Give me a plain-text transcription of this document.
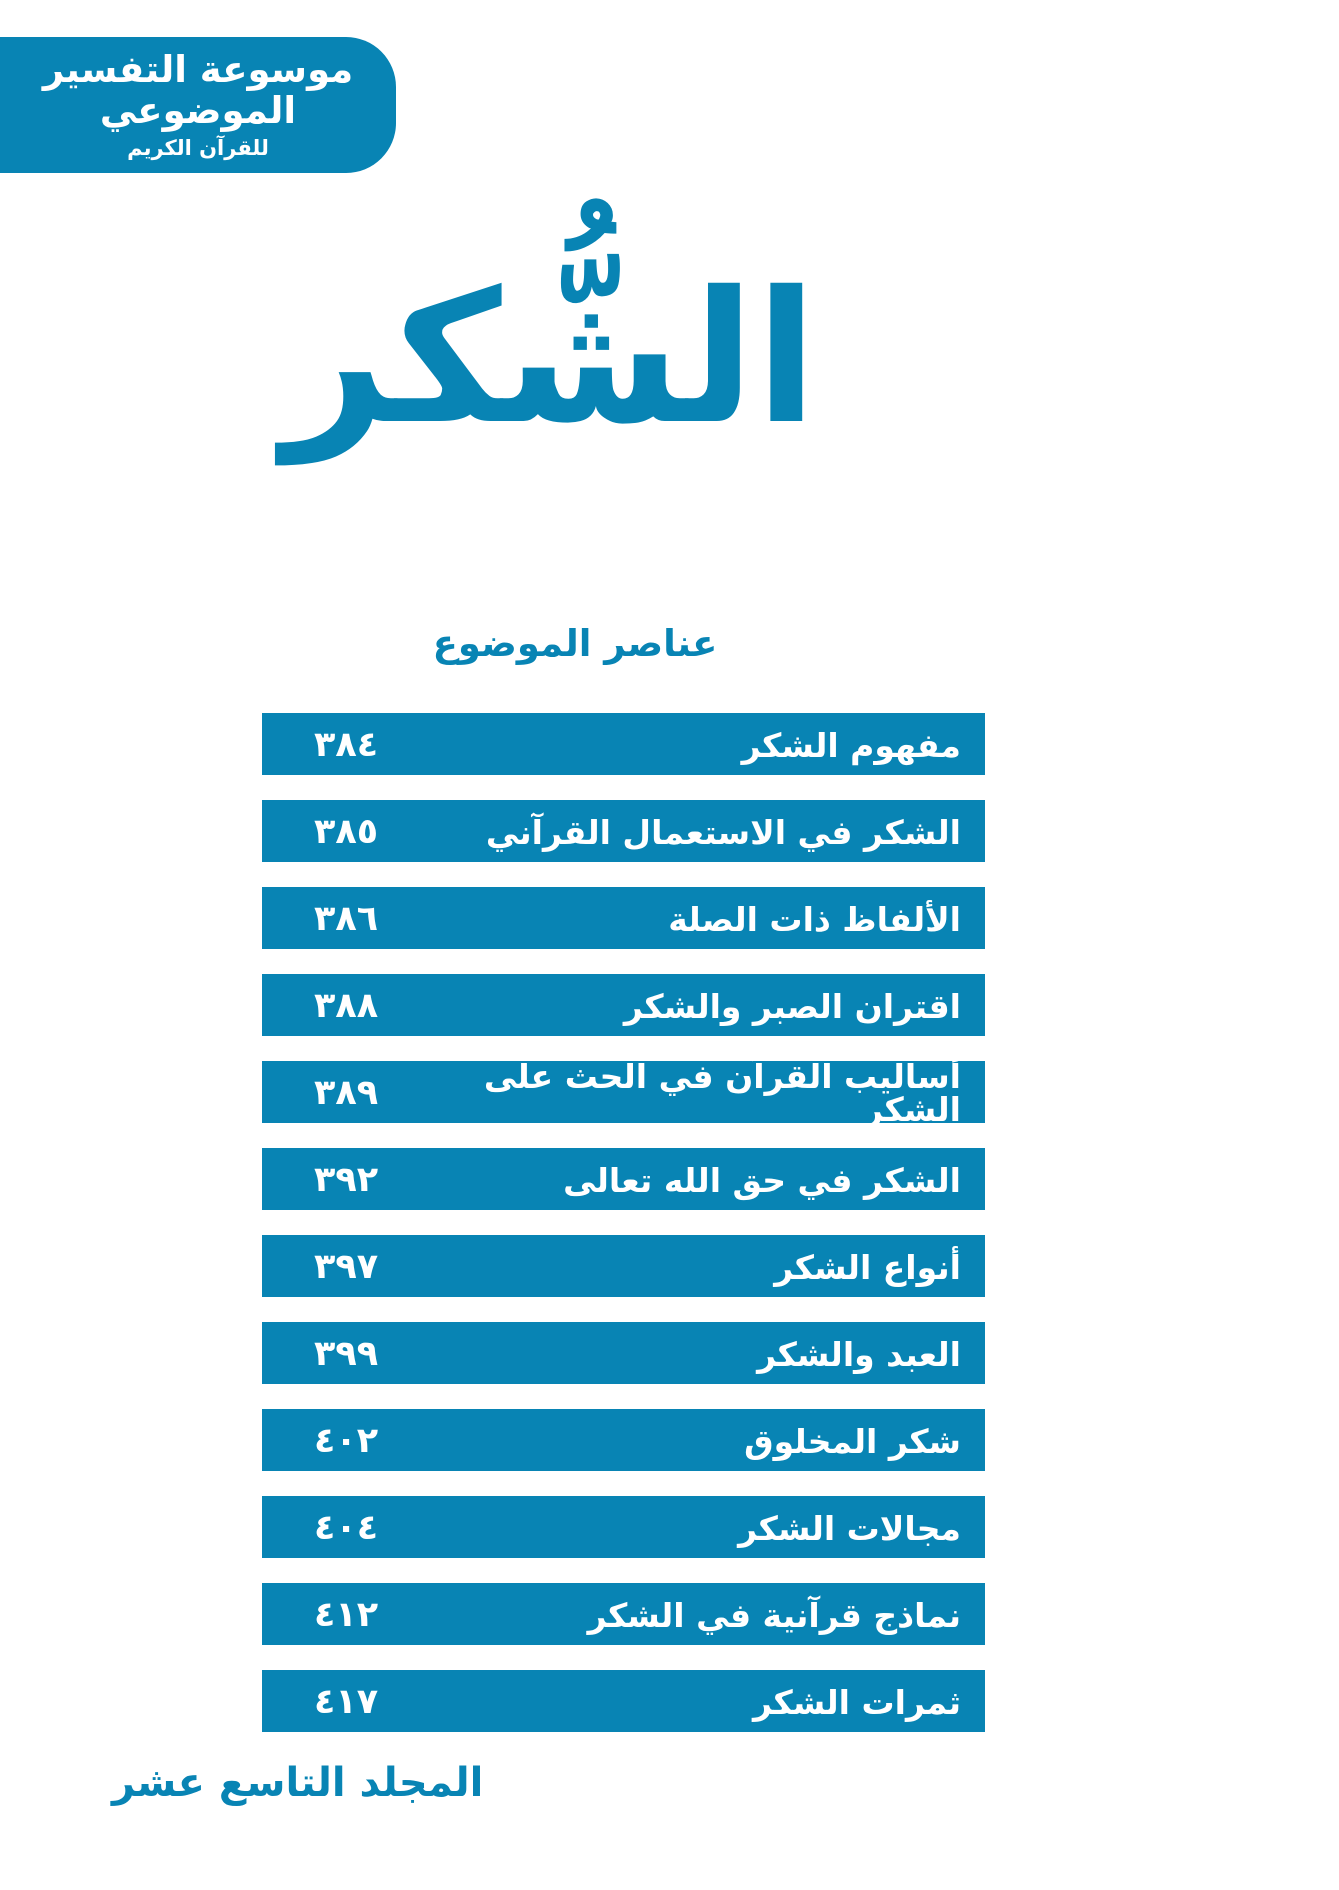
موسوعة التفسير الموضوعي
للقرآن الكريم
الشُّكر
عناصر الموضوع
مفهوم الشكر
٣٨٤
الشكر في الاستعمال القرآني
٣٨٥
الألفاظ ذات الصلة
٣٨٦
اقتران الصبر والشكر
٣٨٨
أساليب القرآن في الحث على الشكر
٣٨٩
الشكر في حق الله تعالى
٣٩٢
أنواع الشكر
٣٩٧
العبد والشكر
٣٩٩
شكر المخلوق
٤٠٢
مجالات الشكر
٤٠٤
نماذج قرآنية في الشكر
٤١٢
ثمرات الشكر
٤١٧
المجلد التاسع عشر
